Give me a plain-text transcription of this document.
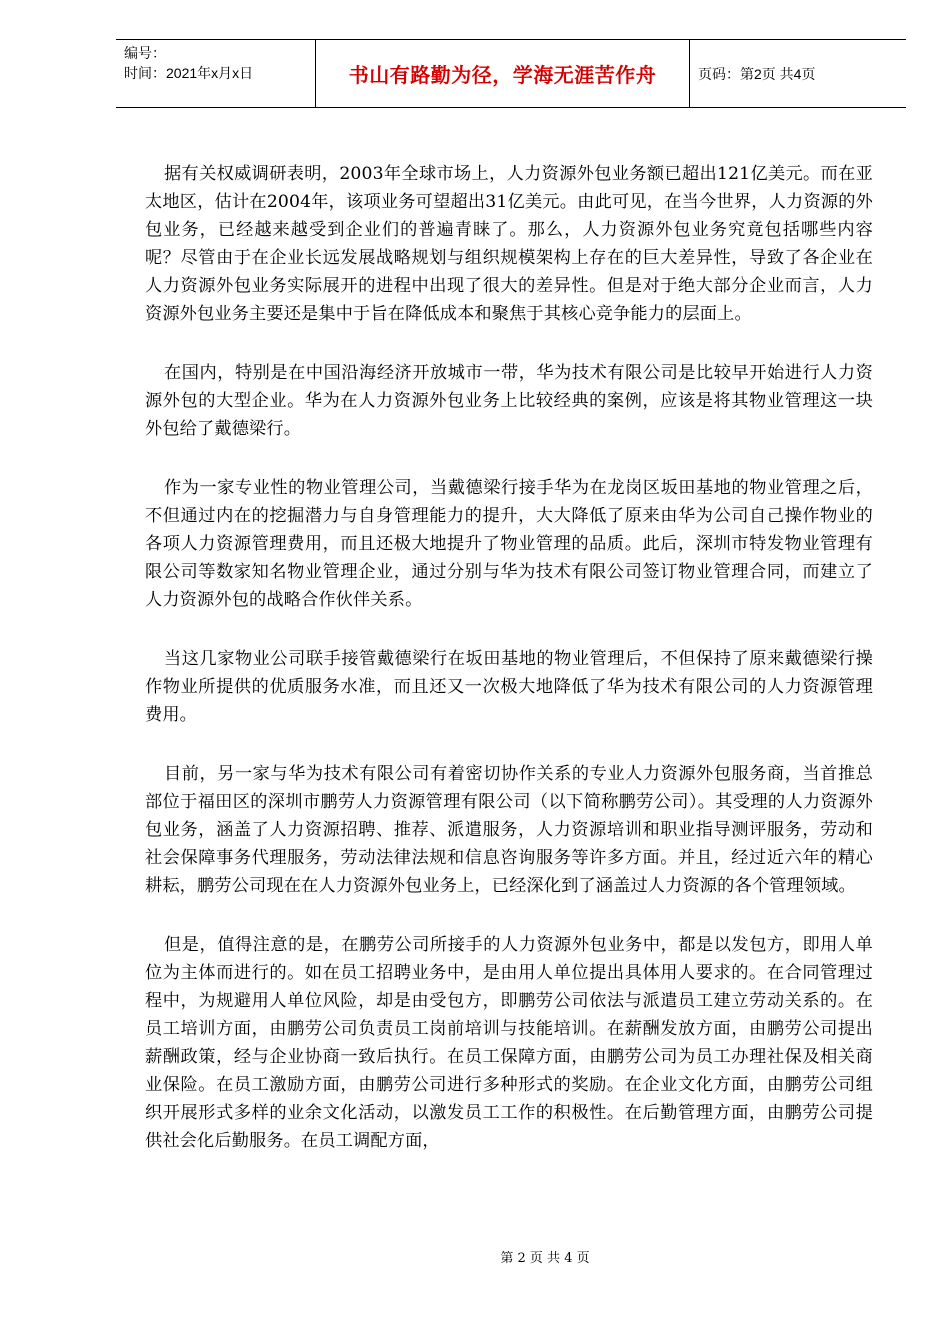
编号：
时间：2021年x月x日	书山有路勤为径，学海无涯苦作舟	页码：第2页 共4页

据有关权威调研表明，2003年全球市场上，人力资源外包业务额已超出121亿美元。而在亚太地区，估计在2004年，该项业务可望超出31亿美元。由此可见，在当今世界，人力资源的外包业务，已经越来越受到企业们的普遍青睐了。那么，人力资源外包业务究竟包括哪些内容呢？尽管由于在企业长远发展战略规划与组织规模架构上存在的巨大差异性，导致了各企业在人力资源外包业务实际展开的进程中出现了很大的差异性。但是对于绝大部分企业而言，人力资源外包业务主要还是集中于旨在降低成本和聚焦于其核心竞争能力的层面上。

在国内，特别是在中国沿海经济开放城市一带，华为技术有限公司是比较早开始进行人力资源外包的大型企业。华为在人力资源外包业务上比较经典的案例，应该是将其物业管理这一块外包给了戴德梁行。

作为一家专业性的物业管理公司，当戴德梁行接手华为在龙岗区坂田基地的物业管理之后，不但通过内在的挖掘潜力与自身管理能力的提升，大大降低了原来由华为公司自己操作物业的各项人力资源管理费用，而且还极大地提升了物业管理的品质。此后，深圳市特发物业管理有限公司等数家知名物业管理企业，通过分别与华为技术有限公司签订物业管理合同，而建立了人力资源外包的战略合作伙伴关系。

当这几家物业公司联手接管戴德梁行在坂田基地的物业管理后，不但保持了原来戴德梁行操作物业所提供的优质服务水准，而且还又一次极大地降低了华为技术有限公司的人力资源管理费用。

目前，另一家与华为技术有限公司有着密切协作关系的专业人力资源外包服务商，当首推总部位于福田区的深圳市鹏劳人力资源管理有限公司（以下简称鹏劳公司）。其受理的人力资源外包业务，涵盖了人力资源招聘、推荐、派遣服务，人力资源培训和职业指导测评服务，劳动和社会保障事务代理服务，劳动法律法规和信息咨询服务等许多方面。并且，经过近六年的精心耕耘，鹏劳公司现在在人力资源外包业务上，已经深化到了涵盖过人力资源的各个管理领域。

但是，值得注意的是，在鹏劳公司所接手的人力资源外包业务中，都是以发包方，即用人单位为主体而进行的。如在员工招聘业务中，是由用人单位提出具体用人要求的。在合同管理过程中，为规避用人单位风险，却是由受包方，即鹏劳公司依法与派遣员工建立劳动关系的。在员工培训方面，由鹏劳公司负责员工岗前培训与技能培训。在薪酬发放方面，由鹏劳公司提出薪酬政策，经与企业协商一致后执行。在员工保障方面，由鹏劳公司为员工办理社保及相关商业保险。在员工激励方面，由鹏劳公司进行多种形式的奖励。在企业文化方面，由鹏劳公司组织开展形式多样的业余文化活动，以激发员工工作的积极性。在后勤管理方面，由鹏劳公司提供社会化后勤服务。在员工调配方面，

第 2 页 共 4 页
